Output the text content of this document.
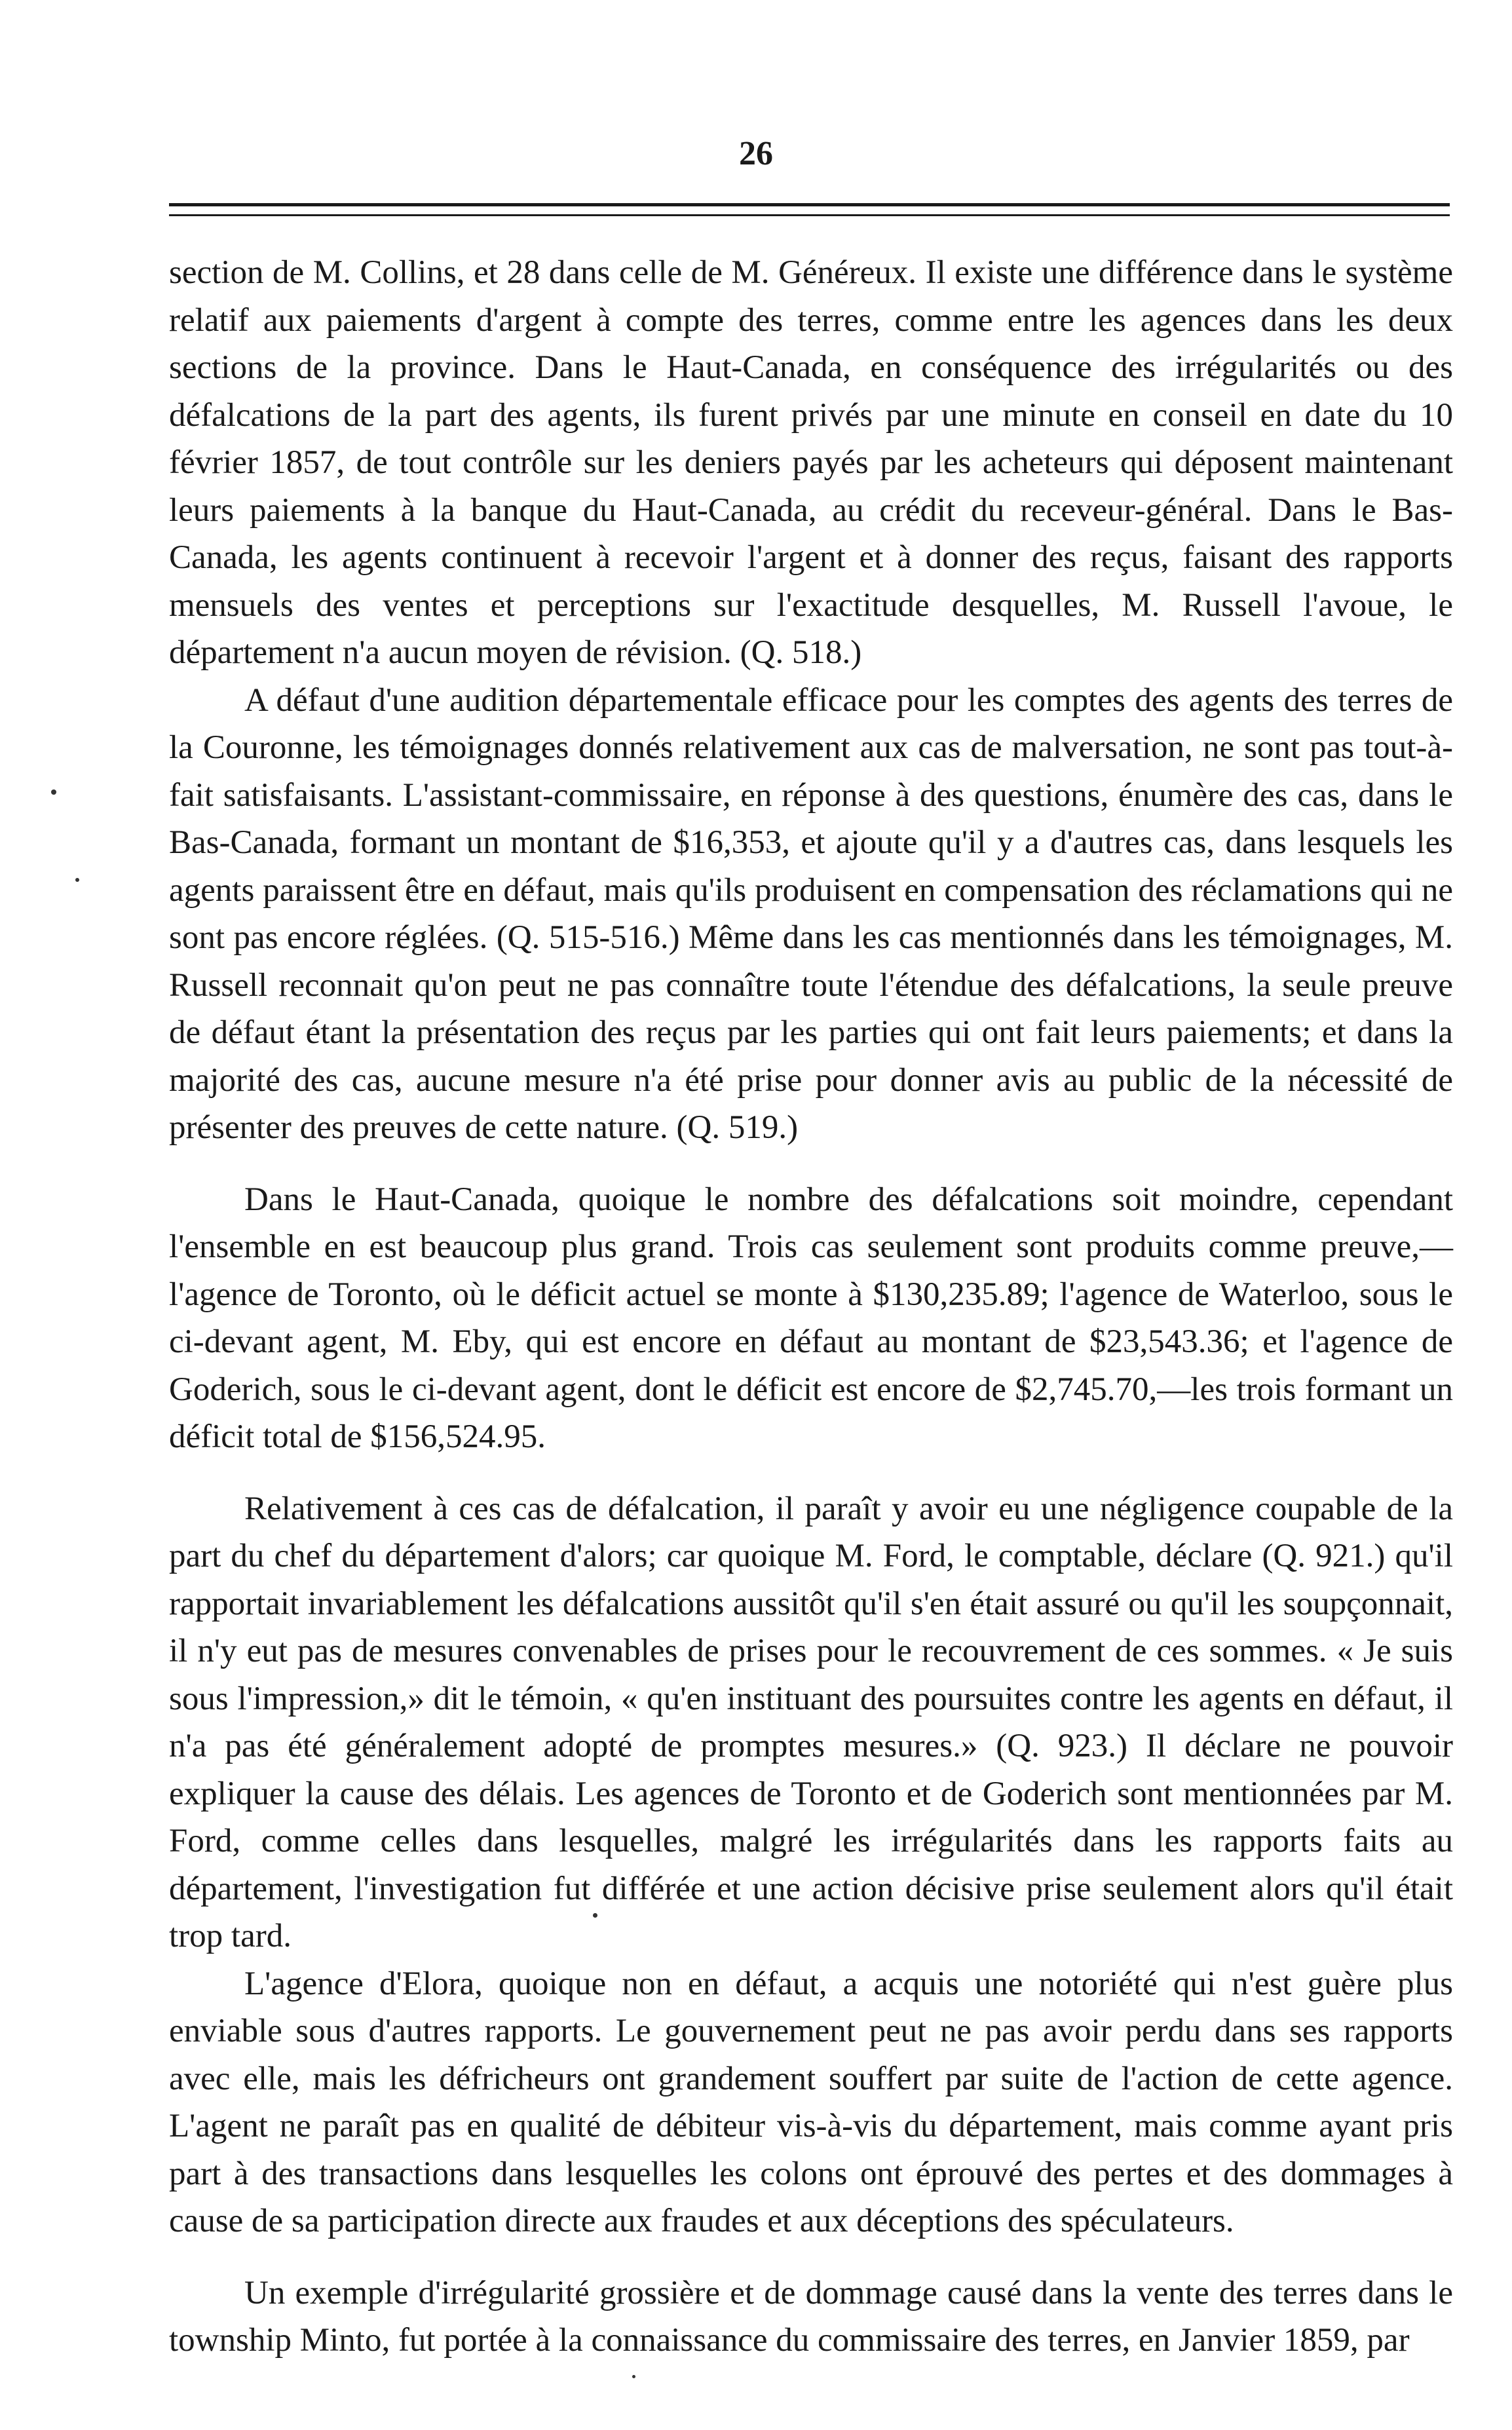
26

section de M. Collins, et 28 dans celle de M. Généreux. Il existe une différence dans le système relatif aux paiements d'argent à compte des terres, comme entre les agences dans les deux sections de la province. Dans le Haut-Canada, en conséquence des irrégularités ou des défalcations de la part des agents, ils furent privés par une minute en conseil en date du 10 février 1857, de tout contrôle sur les deniers payés par les acheteurs qui déposent maintenant leurs paiements à la banque du Haut-Canada, au crédit du receveur-général. Dans le Bas-Canada, les agents continuent à recevoir l'argent et à donner des reçus, faisant des rapports mensuels des ventes et perceptions sur l'exactitude desquelles, M. Russell l'avoue, le département n'a aucun moyen de révision. (Q. 518.)

A défaut d'une audition départementale efficace pour les comptes des agents des terres de la Couronne, les témoignages donnés relativement aux cas de malversation, ne sont pas tout-à-fait satisfaisants. L'assistant-commissaire, en réponse à des questions, énumère des cas, dans le Bas-Canada, formant un montant de $16,353, et ajoute qu'il y a d'autres cas, dans lesquels les agents paraissent être en défaut, mais qu'ils produisent en compensation des réclamations qui ne sont pas encore réglées. (Q. 515-516.) Même dans les cas mentionnés dans les témoignages, M. Russell reconnait qu'on peut ne pas connaître toute l'étendue des défalcations, la seule preuve de défaut étant la présentation des reçus par les parties qui ont fait leurs paiements; et dans la majorité des cas, aucune mesure n'a été prise pour donner avis au public de la nécessité de présenter des preuves de cette nature. (Q. 519.)

Dans le Haut-Canada, quoique le nombre des défalcations soit moindre, cependant l'ensemble en est beaucoup plus grand. Trois cas seulement sont produits comme preuve,—l'agence de Toronto, où le déficit actuel se monte à $130,235.89; l'agence de Waterloo, sous le ci-devant agent, M. Eby, qui est encore en défaut au montant de $23,543.36; et l'agence de Goderich, sous le ci-devant agent, dont le déficit est encore de $2,745.70,—les trois formant un déficit total de $156,524.95.

Relativement à ces cas de défalcation, il paraît y avoir eu une négligence coupable de la part du chef du département d'alors; car quoique M. Ford, le comptable, déclare (Q. 921.) qu'il rapportait invariablement les défalcations aussitôt qu'il s'en était assuré ou qu'il les soupçonnait, il n'y eut pas de mesures convenables de prises pour le recouvrement de ces sommes. « Je suis sous l'impression,» dit le témoin, « qu'en instituant des poursuites contre les agents en défaut, il n'a pas été généralement adopté de promptes mesures.» (Q. 923.) Il déclare ne pouvoir expliquer la cause des délais. Les agences de Toronto et de Goderich sont mentionnées par M. Ford, comme celles dans lesquelles, malgré les irrégularités dans les rapports faits au département, l'investigation fut différée et une action décisive prise seulement alors qu'il était trop tard.

L'agence d'Elora, quoique non en défaut, a acquis une notoriété qui n'est guère plus enviable sous d'autres rapports. Le gouvernement peut ne pas avoir perdu dans ses rapports avec elle, mais les défricheurs ont grandement souffert par suite de l'action de cette agence. L'agent ne paraît pas en qualité de débiteur vis-à-vis du département, mais comme ayant pris part à des transactions dans lesquelles les colons ont éprouvé des pertes et des dommages à cause de sa participation directe aux fraudes et aux déceptions des spéculateurs.

Un exemple d'irrégularité grossière et de dommage causé dans la vente des terres dans le township Minto, fut portée à la connaissance du commissaire des terres, en Janvier 1859, par
